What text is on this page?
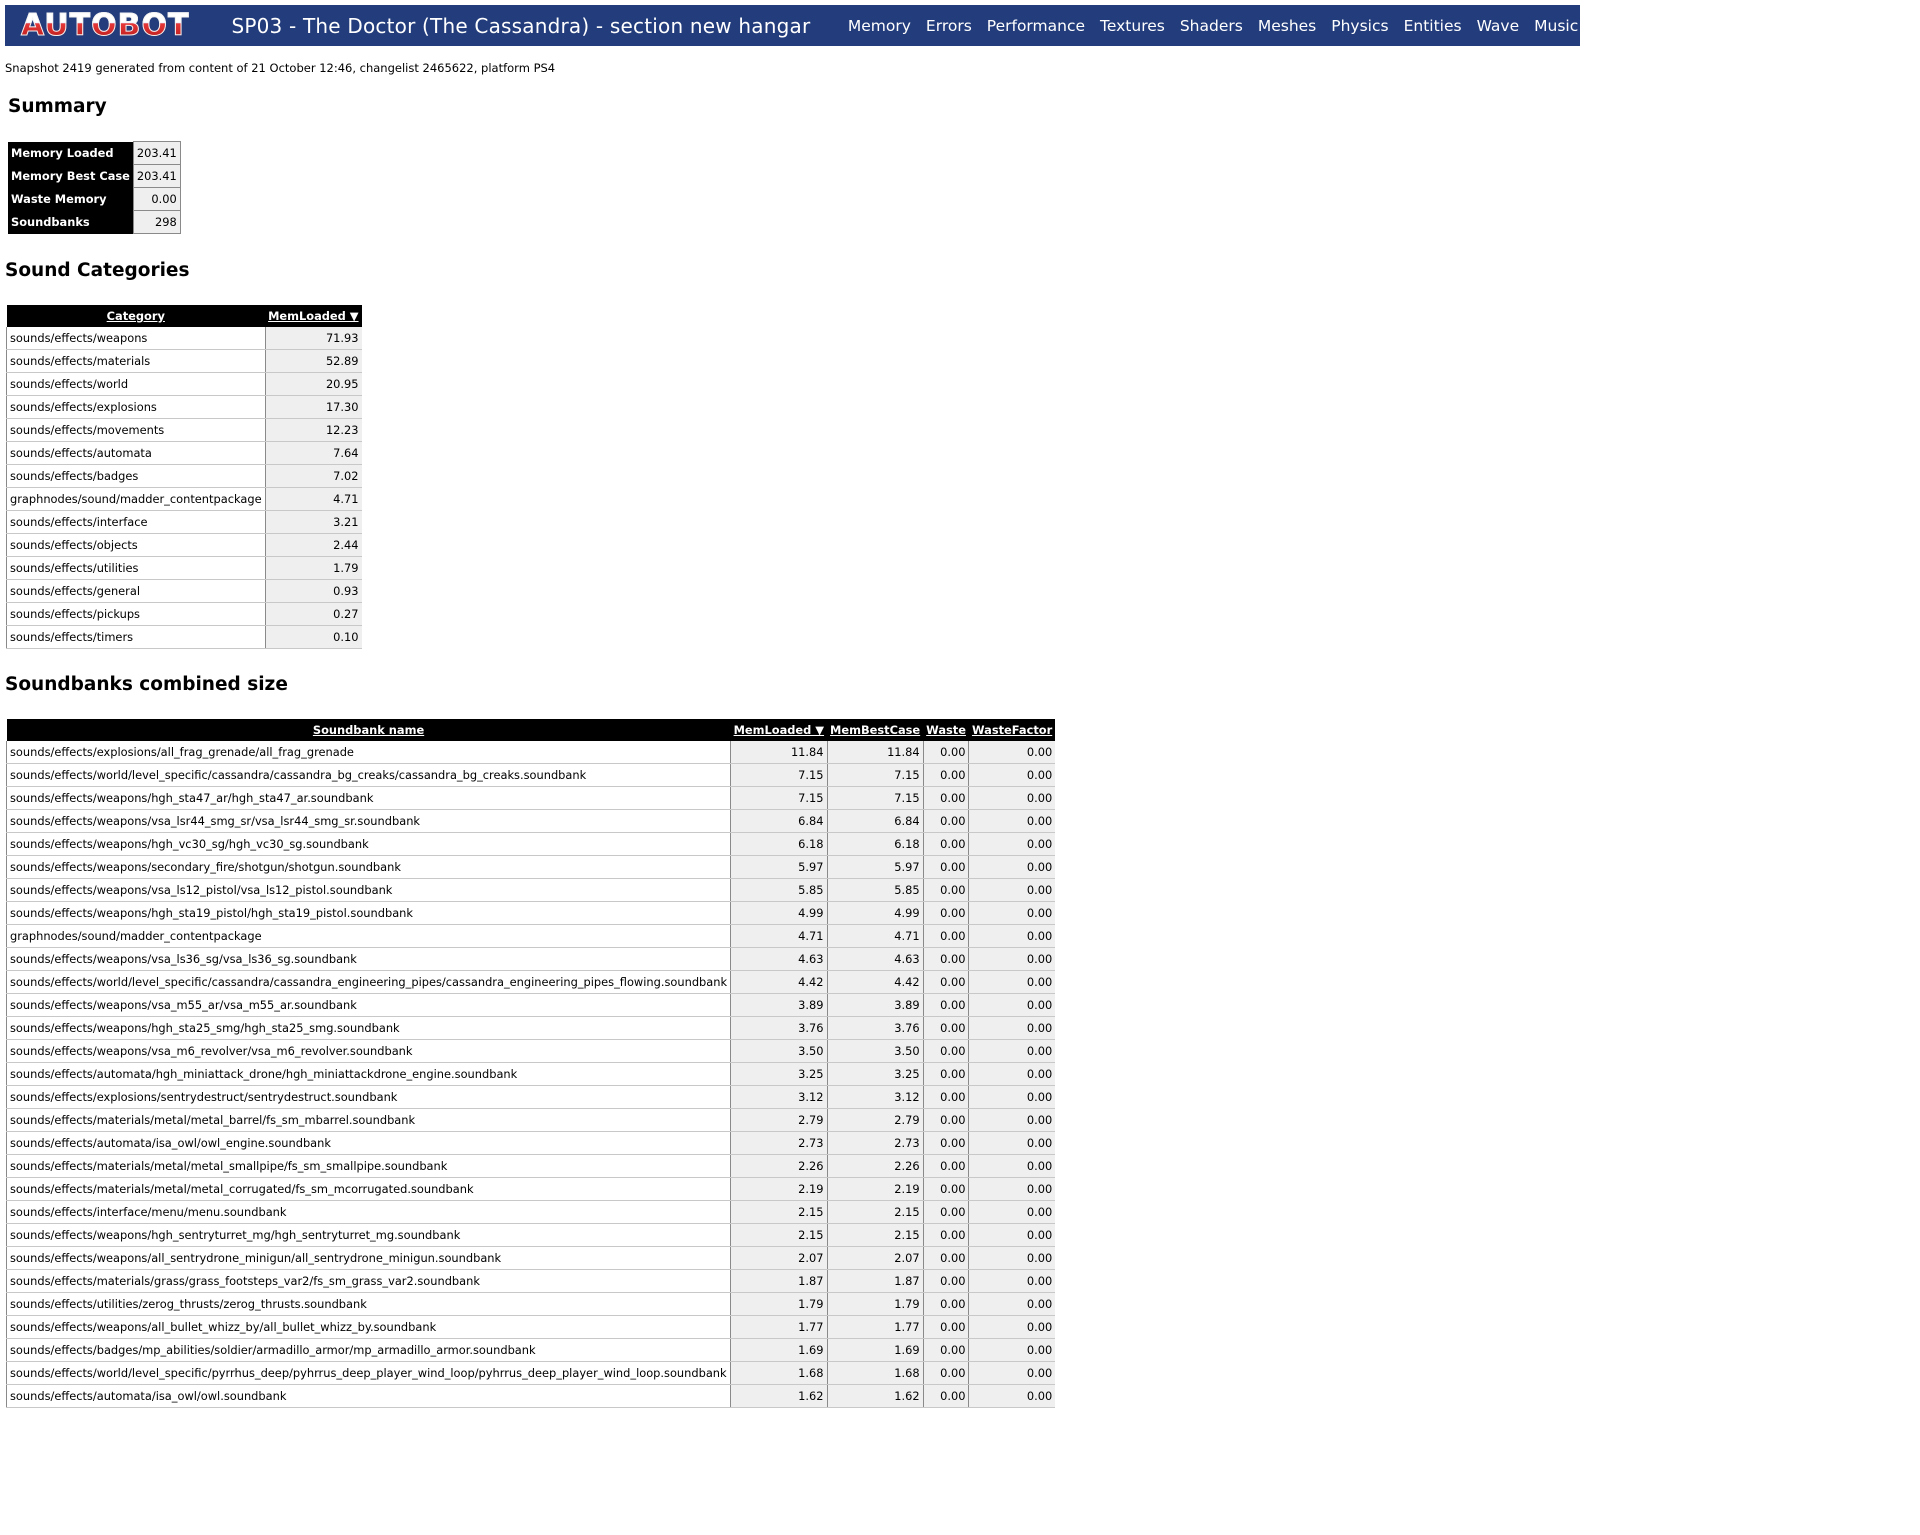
AUTOBOT SP03 - The Doctor (The Cassandra) - section new hangar	Memory Errors Performance Textures Shaders Meshes Physics Entities Wave Music
Snapshot 2419 generated from content of 21 October 12:46, changelist 2465622, platform PS4
Summary
Memory Loaded	203.41
Memory Best Case	203.41
Waste Memory	0.00
Soundbanks	298
Sound Categories
Category	MemLoaded ▼
sounds/effects/weapons	71.93
sounds/effects/materials	52.89
sounds/effects/world	20.95
sounds/effects/explosions	17.30
sounds/effects/movements	12.23
sounds/effects/automata	7.64
sounds/effects/badges	7.02
graphnodes/sound/madder_contentpackage	4.71
sounds/effects/interface	3.21
sounds/effects/objects	2.44
sounds/effects/utilities	1.79
sounds/effects/general	0.93
sounds/effects/pickups	0.27
sounds/effects/timers	0.10
Soundbanks combined size
Soundbank name	MemLoaded ▼	MemBestCase	Waste	WasteFactor
sounds/effects/explosions/all_frag_grenade/all_frag_grenade	11.84	11.84	0.00	0.00
sounds/effects/world/level_specific/cassandra/cassandra_bg_creaks/cassandra_bg_creaks.soundbank	7.15	7.15	0.00	0.00
sounds/effects/weapons/hgh_sta47_ar/hgh_sta47_ar.soundbank	7.15	7.15	0.00	0.00
sounds/effects/weapons/vsa_lsr44_smg_sr/vsa_lsr44_smg_sr.soundbank	6.84	6.84	0.00	0.00
sounds/effects/weapons/hgh_vc30_sg/hgh_vc30_sg.soundbank	6.18	6.18	0.00	0.00
sounds/effects/weapons/secondary_fire/shotgun/shotgun.soundbank	5.97	5.97	0.00	0.00
sounds/effects/weapons/vsa_ls12_pistol/vsa_ls12_pistol.soundbank	5.85	5.85	0.00	0.00
sounds/effects/weapons/hgh_sta19_pistol/hgh_sta19_pistol.soundbank	4.99	4.99	0.00	0.00
graphnodes/sound/madder_contentpackage	4.71	4.71	0.00	0.00
sounds/effects/weapons/vsa_ls36_sg/vsa_ls36_sg.soundbank	4.63	4.63	0.00	0.00
sounds/effects/world/level_specific/cassandra/cassandra_engineering_pipes/cassandra_engineering_pipes_flowing.soundbank	4.42	4.42	0.00	0.00
sounds/effects/weapons/vsa_m55_ar/vsa_m55_ar.soundbank	3.89	3.89	0.00	0.00
sounds/effects/weapons/hgh_sta25_smg/hgh_sta25_smg.soundbank	3.76	3.76	0.00	0.00
sounds/effects/weapons/vsa_m6_revolver/vsa_m6_revolver.soundbank	3.50	3.50	0.00	0.00
sounds/effects/automata/hgh_miniattack_drone/hgh_miniattackdrone_engine.soundbank	3.25	3.25	0.00	0.00
sounds/effects/explosions/sentrydestruct/sentrydestruct.soundbank	3.12	3.12	0.00	0.00
sounds/effects/materials/metal/metal_barrel/fs_sm_mbarrel.soundbank	2.79	2.79	0.00	0.00
sounds/effects/automata/isa_owl/owl_engine.soundbank	2.73	2.73	0.00	0.00
sounds/effects/materials/metal/metal_smallpipe/fs_sm_smallpipe.soundbank	2.26	2.26	0.00	0.00
sounds/effects/materials/metal/metal_corrugated/fs_sm_mcorrugated.soundbank	2.19	2.19	0.00	0.00
sounds/effects/interface/menu/menu.soundbank	2.15	2.15	0.00	0.00
sounds/effects/weapons/hgh_sentryturret_mg/hgh_sentryturret_mg.soundbank	2.15	2.15	0.00	0.00
sounds/effects/weapons/all_sentrydrone_minigun/all_sentrydrone_minigun.soundbank	2.07	2.07	0.00	0.00
sounds/effects/materials/grass/grass_footsteps_var2/fs_sm_grass_var2.soundbank	1.87	1.87	0.00	0.00
sounds/effects/utilities/zerog_thrusts/zerog_thrusts.soundbank	1.79	1.79	0.00	0.00
sounds/effects/weapons/all_bullet_whizz_by/all_bullet_whizz_by.soundbank	1.77	1.77	0.00	0.00
sounds/effects/badges/mp_abilities/soldier/armadillo_armor/mp_armadillo_armor.soundbank	1.69	1.69	0.00	0.00
sounds/effects/world/level_specific/pyrrhus_deep/pyhrrus_deep_player_wind_loop/pyhrrus_deep_player_wind_loop.soundbank	1.68	1.68	0.00	0.00
sounds/effects/automata/isa_owl/owl.soundbank	1.62	1.62	0.00	0.00
